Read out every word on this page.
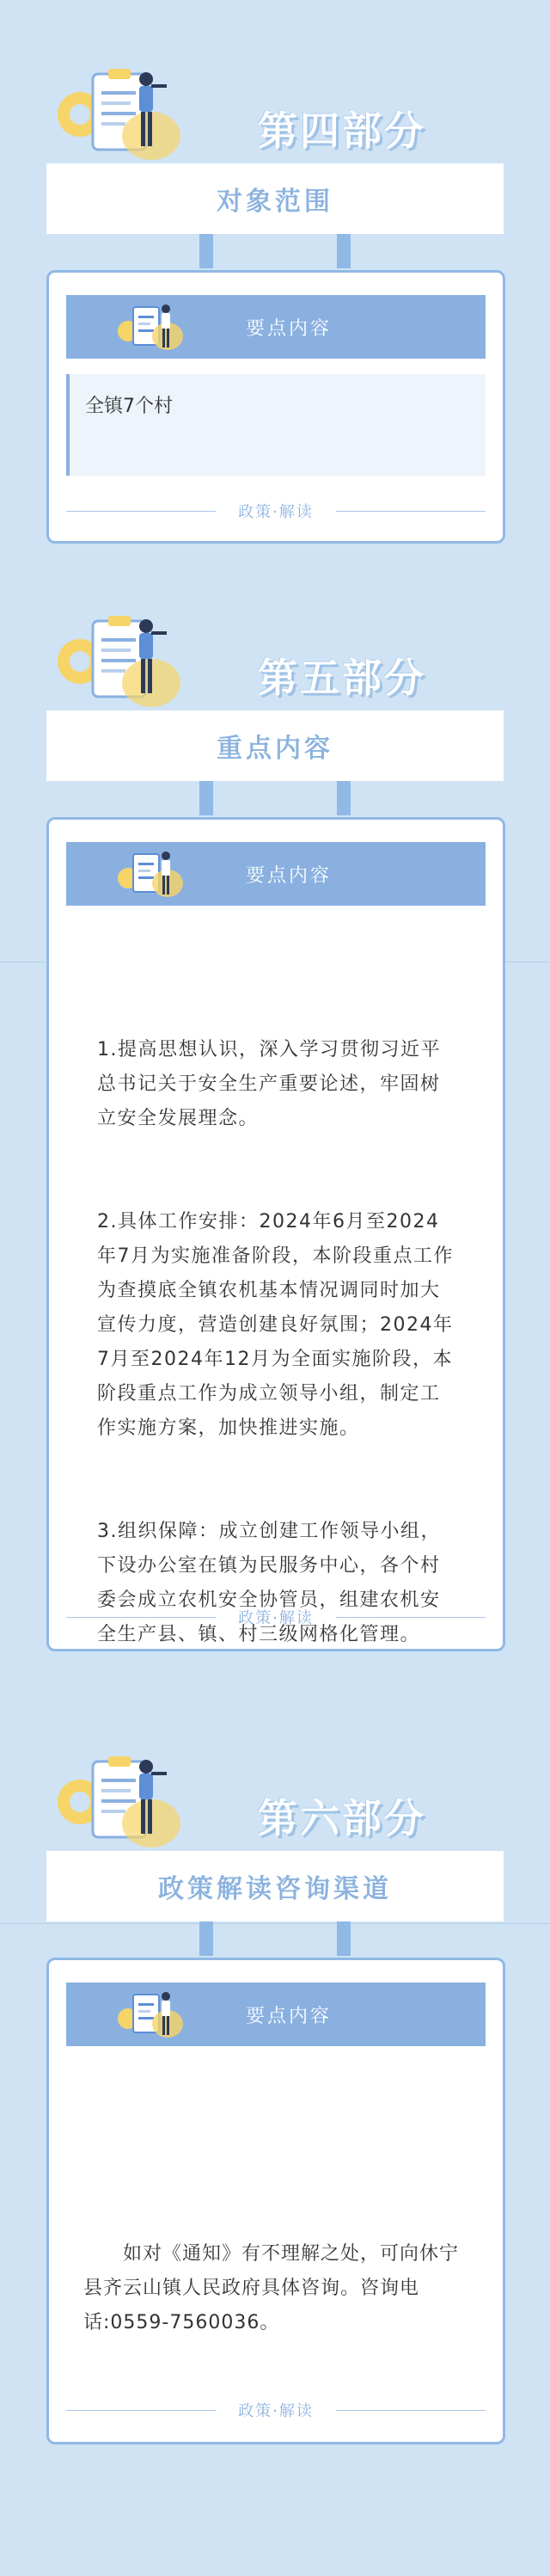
第四部分
对象范围
要点内容
全镇7个村
政策·解读
第五部分
重点内容
要点内容

1.提高思想认识，深入学习贯彻习近平总书记关于安全生产重要论述，牢固树立安全发展理念。

2.具体工作安排：2024年6月至2024年7月为实施准备阶段，本阶段重点工作为查摸底全镇农机基本情况调同时加大宣传力度，营造创建良好氛围；2024年7月至2024年12月为全面实施阶段，本阶段重点工作为成立领导小组，制定工作实施方案，加快推进实施。

3.组织保障：成立创建工作领导小组，下设办公室在镇为民服务中心，各个村委会成立农机安全协管员，组建农机安全生产县、镇、村三级网格化管理。

政策·解读
第六部分
政策解读咨询渠道
要点内容

　　如对《通知》有不理解之处，可向休宁县齐云山镇人民政府具体咨询。咨询电话:0559-7560036。

政策·解读
